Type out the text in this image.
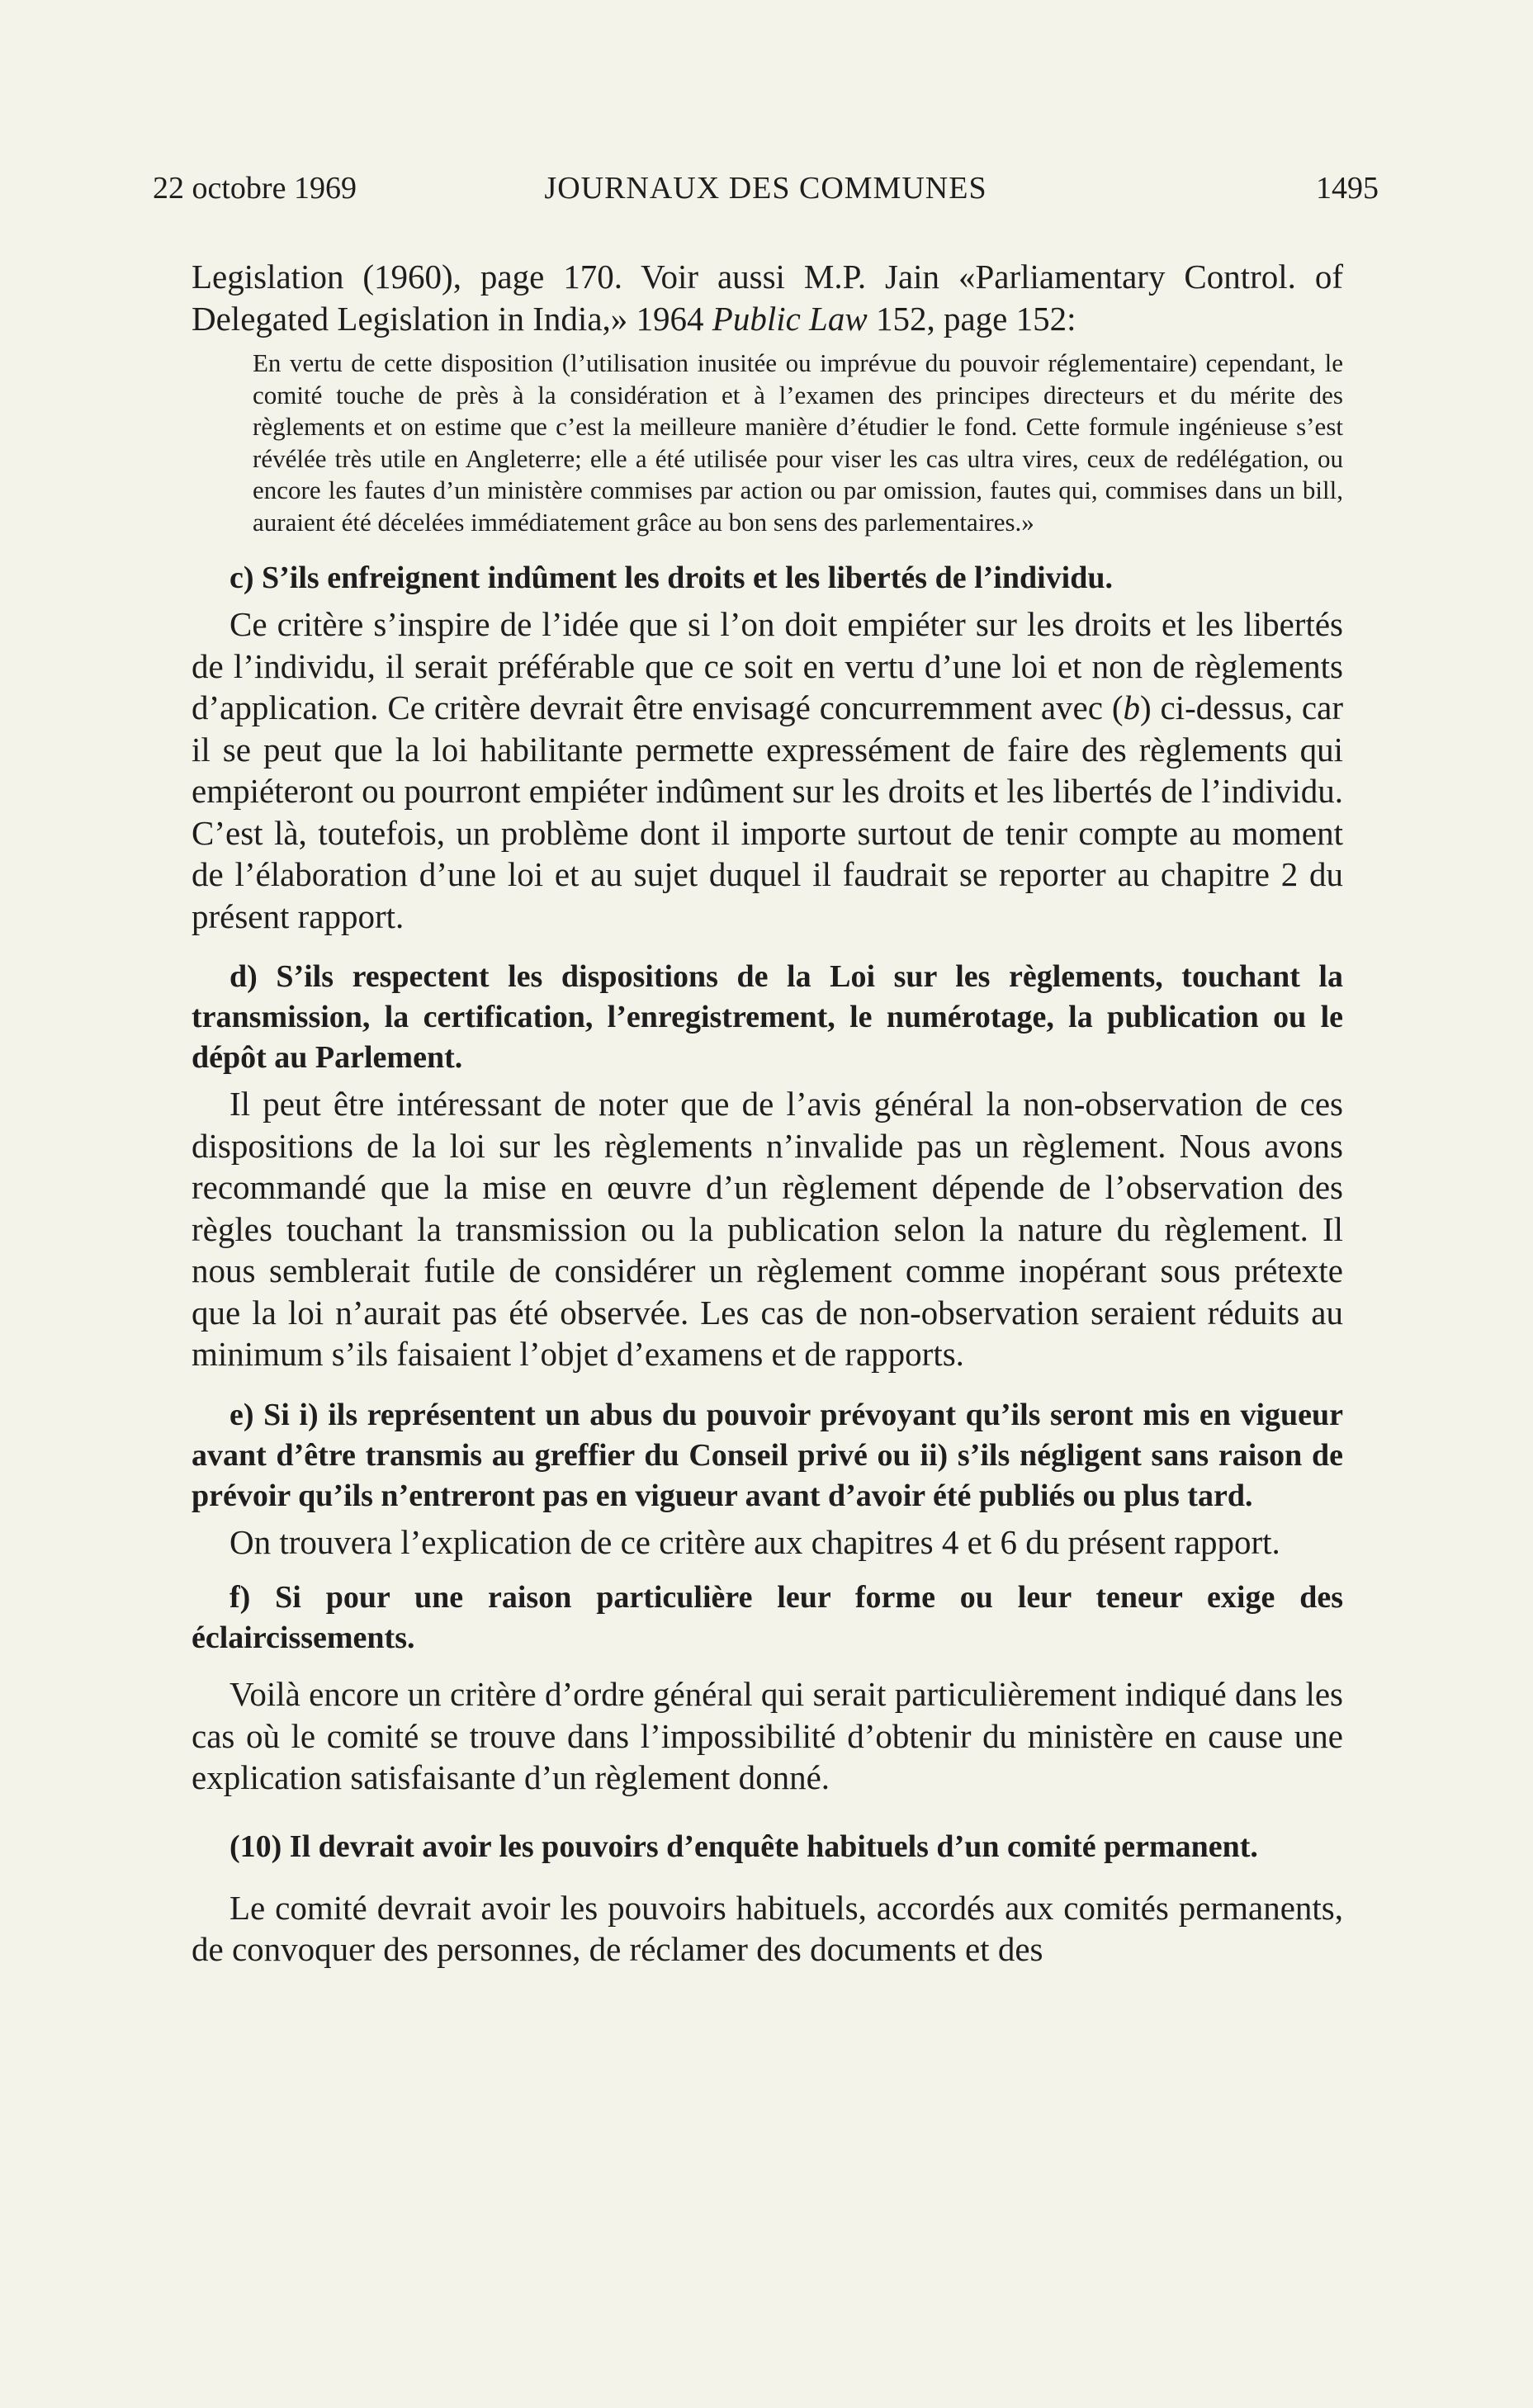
22 octobre 1969	JOURNAUX DES COMMUNES	1495

Legislation (1960), page 170. Voir aussi M.P. Jain «Parliamentary Control. of Delegated Legislation in India,» 1964 Public Law 152, page 152:

En vertu de cette disposition (l’utilisation inusitée ou imprévue du pouvoir réglementaire) cependant, le comité touche de près à la considération et à l’examen des principes directeurs et du mérite des règlements et on estime que c’est la meilleure manière d’étudier le fond. Cette formule ingénieuse s’est révélée très utile en Angleterre; elle a été utilisée pour viser les cas ultra vires, ceux de redélégation, ou encore les fautes d’un ministère commises par action ou par omission, fautes qui, commises dans un bill, auraient été décelées immédiatement grâce au bon sens des parlementaires.»

c) S’ils enfreignent indûment les droits et les libertés de l’individu.

Ce critère s’inspire de l’idée que si l’on doit empiéter sur les droits et les libertés de l’individu, il serait préférable que ce soit en vertu d’une loi et non de règlements d’application. Ce critère devrait être envisagé concurremment avec (b) ci-dessus, car il se peut que la loi habilitante permette expressément de faire des règlements qui empiéteront ou pourront empiéter indûment sur les droits et les libertés de l’individu. C’est là, toutefois, un problème dont il importe surtout de tenir compte au moment de l’élaboration d’une loi et au sujet duquel il faudrait se reporter au chapitre 2 du présent rapport.

d) S’ils respectent les dispositions de la Loi sur les règlements, touchant la transmission, la certification, l’enregistrement, le numérotage, la publication ou le dépôt au Parlement.

Il peut être intéressant de noter que de l’avis général la non-observation de ces dispositions de la loi sur les règlements n’invalide pas un règlement. Nous avons recommandé que la mise en œuvre d’un règlement dépende de l’observation des règles touchant la transmission ou la publication selon la nature du règlement. Il nous semblerait futile de considérer un règlement comme inopérant sous prétexte que la loi n’aurait pas été observée. Les cas de non-observation seraient réduits au minimum s’ils faisaient l’objet d’examens et de rapports.

e) Si i) ils représentent un abus du pouvoir prévoyant qu’ils seront mis en vigueur avant d’être transmis au greffier du Conseil privé ou ii) s’ils négligent sans raison de prévoir qu’ils n’entreront pas en vigueur avant d’avoir été publiés ou plus tard.

On trouvera l’explication de ce critère aux chapitres 4 et 6 du présent rapport.

f) Si pour une raison particulière leur forme ou leur teneur exige des éclaircissements.

Voilà encore un critère d’ordre général qui serait particulièrement indiqué dans les cas où le comité se trouve dans l’impossibilité d’obtenir du ministère en cause une explication satisfaisante d’un règlement donné.

(10) Il devrait avoir les pouvoirs d’enquête habituels d’un comité permanent.

Le comité devrait avoir les pouvoirs habituels, accordés aux comités permanents, de convoquer des personnes, de réclamer des documents et des
